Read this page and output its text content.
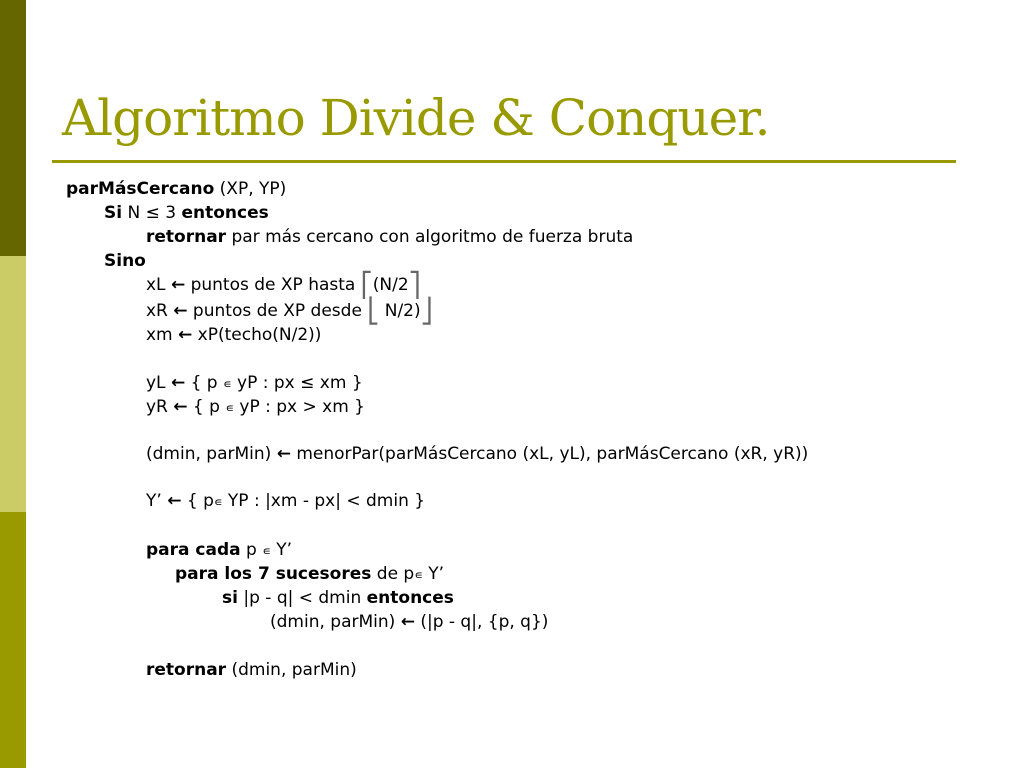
Algoritmo Divide & Conquer.
parMásCercano (XP, YP)
Si N ≤ 3 entonces
retornar par más cercano con algoritmo de fuerza bruta
Sino
xL ← puntos de XP hasta ⎡(N/2⎤
xR ← puntos de XP desde ⎣ N/2)⎦
xm ← xP(techo(N/2))
yL ← { p ∊ yP : px ≤ xm }
yR ← { p ∊ yP : px > xm }
(dmin, parMin) ← menorPar(parMásCercano (xL, yL), parMásCercano (xR, yR))
Y’ ← { p∊ YP : |xm - px| < dmin }
para cada p ∊ Y’
para los 7 sucesores de p∊ Y’
si |p - q| < dmin entonces
(dmin, parMin) ← (|p - q|, {p, q})
retornar (dmin, parMin)
